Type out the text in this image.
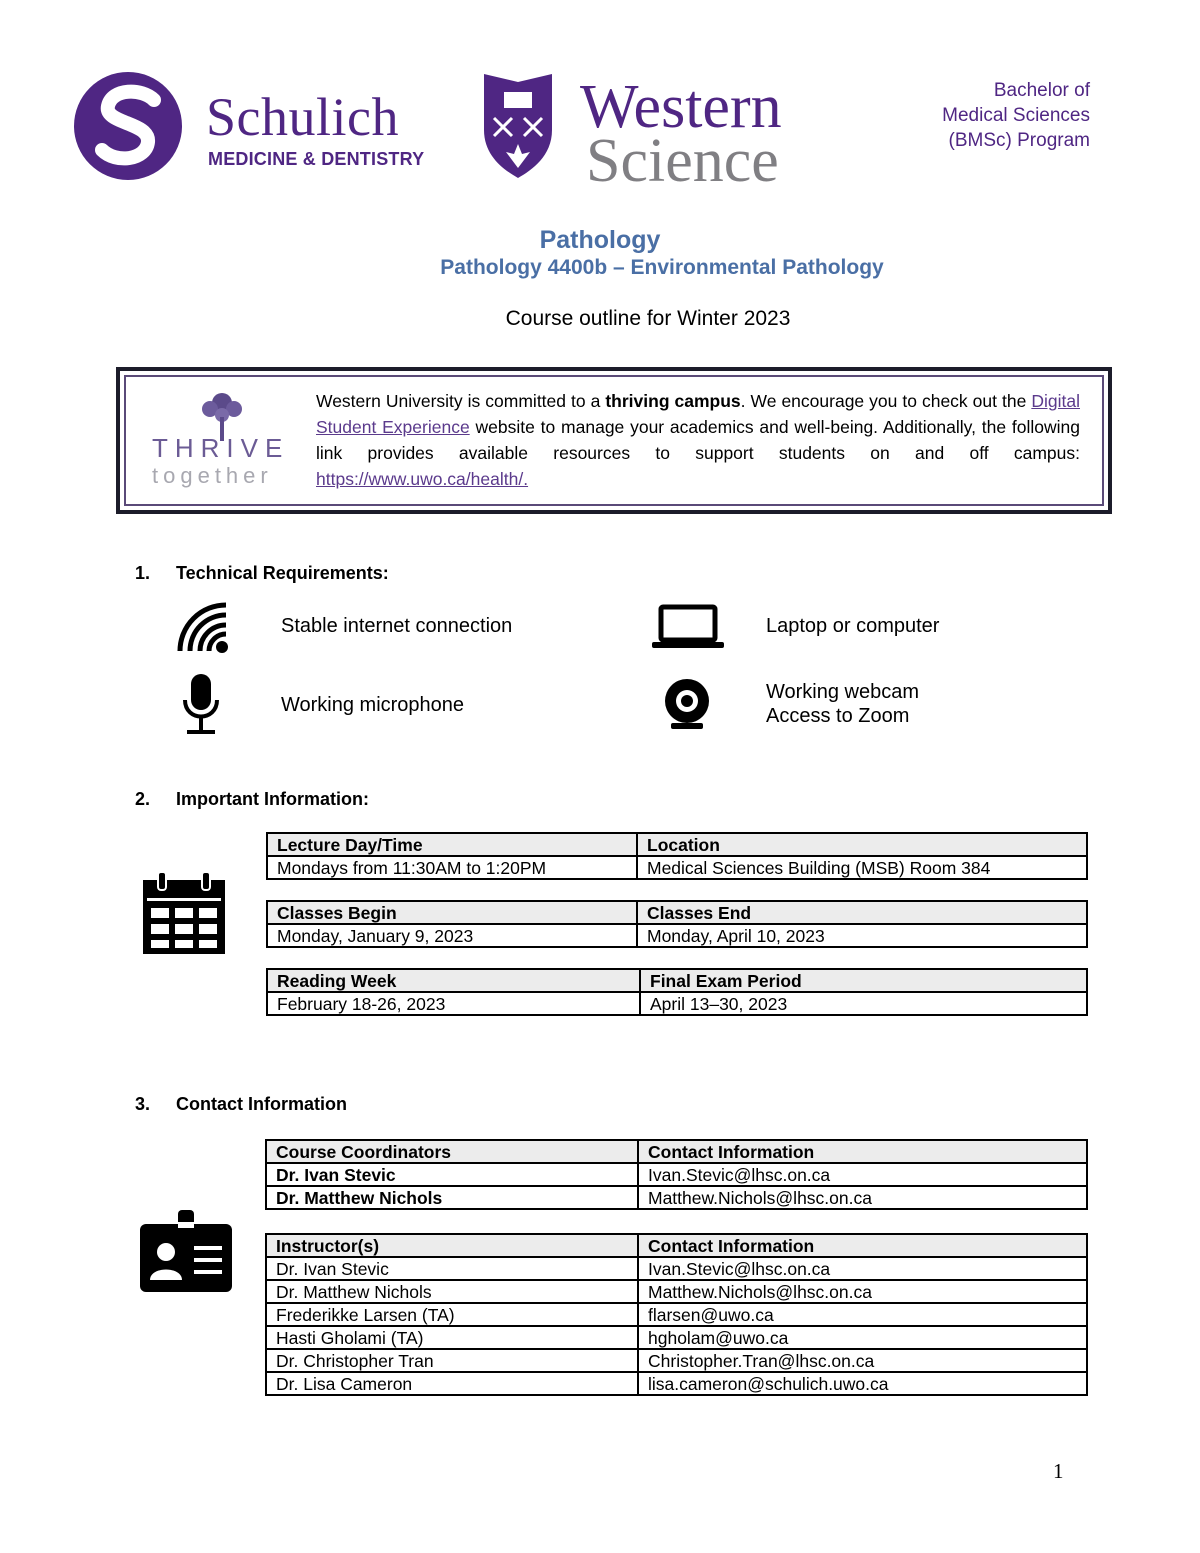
Schulich
MEDICINE & DENTISTRY
Western
Science
Bachelor of
Medical Sciences
(BMSc) Program
Pathology
Pathology 4400b – Environmental Pathology
Course outline for Winter 2023
THRIVE
together
Western University is committed to a thriving campus. We encourage you to check out the Digital Student Experience website to manage your academics and well-being. Additionally, the following link provides available resources to support students on and off campus: https://www.uwo.ca/health/.
1. Technical Requirements:
Stable internet connection	Laptop or computer
Working microphone
Working webcam
Access to Zoom
2. Important Information:
Lecture Day/Time	Location
Mondays from 11:30AM to 1:20PM	Medical Sciences Building (MSB) Room 384
Classes Begin	Classes End
Monday, January 9, 2023	Monday, April 10, 2023
Reading Week	Final Exam Period
February 18-26, 2023	April 13–30, 2023
3. Contact Information
Course Coordinators	Contact Information
Dr. Ivan Stevic	Ivan.Stevic@lhsc.on.ca
Dr. Matthew Nichols	Matthew.Nichols@lhsc.on.ca
Instructor(s)	Contact Information
Dr. Ivan Stevic	Ivan.Stevic@lhsc.on.ca
Dr. Matthew Nichols	Matthew.Nichols@lhsc.on.ca
Frederikke Larsen (TA)	flarsen@uwo.ca
Hasti Gholami (TA)	hgholam@uwo.ca
Dr. Christopher Tran	Christopher.Tran@lhsc.on.ca
Dr. Lisa Cameron	lisa.cameron@schulich.uwo.ca
1
